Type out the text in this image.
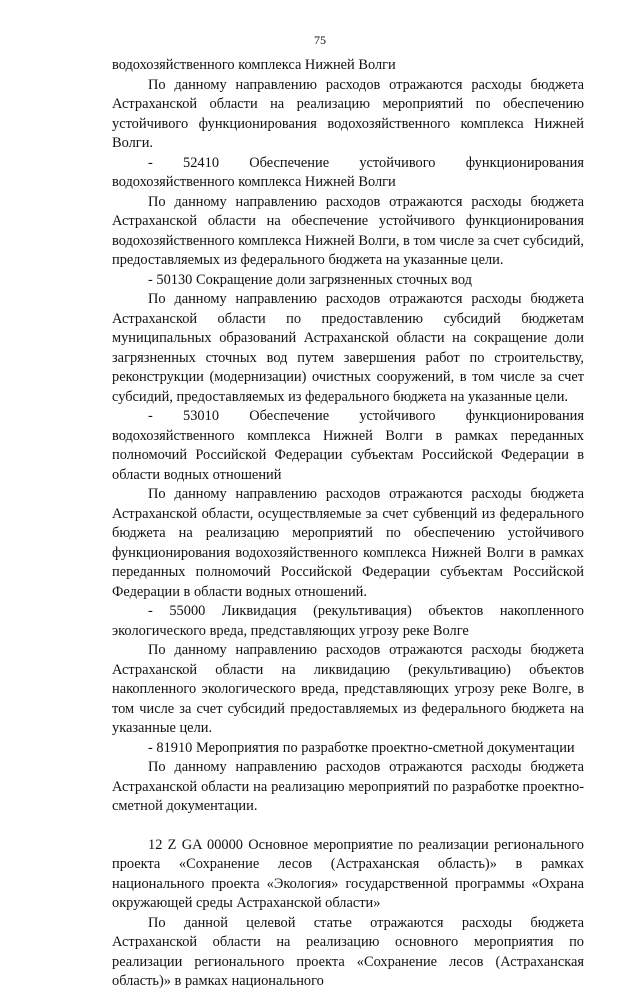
75

водохозяйственного комплекса Нижней Волги

По данному направлению расходов отражаются расходы бюджета Астраханской области на реализацию мероприятий по обеспечению устойчивого функционирования водохозяйственного комплекса Нижней Волги.

- 52410 Обеспечение устойчивого функционирования водохозяйственного комплекса Нижней Волги

По данному направлению расходов отражаются расходы бюджета Астраханской области на обеспечение устойчивого функционирования водохозяйственного комплекса Нижней Волги, в том числе за счет субсидий, предоставляемых из федерального бюджета на указанные цели.

- 50130 Сокращение доли загрязненных сточных вод

По данному направлению расходов отражаются расходы бюджета Астраханской области по предоставлению субсидий бюджетам муниципальных образований Астраханской области на сокращение доли загрязненных сточных вод путем завершения работ по строительству, реконструкции (модернизации) очистных сооружений, в том числе за счет субсидий, предоставляемых из федерального бюджета на указанные цели.

- 53010 Обеспечение устойчивого функционирования водохозяйственного комплекса Нижней Волги в рамках переданных полномочий Российской Федерации субъектам Российской Федерации в области водных отношений

По данному направлению расходов отражаются расходы бюджета Астраханской области, осуществляемые за счет субвенций из федерального бюджета на реализацию мероприятий по обеспечению устойчивого функционирования водохозяйственного комплекса Нижней Волги в рамках переданных полномочий Российской Федерации субъектам Российской Федерации в области водных отношений.

- 55000 Ликвидация (рекультивация) объектов накопленного экологического вреда, представляющих угрозу реке Волге

По данному направлению расходов отражаются расходы бюджета Астраханской области на ликвидацию (рекультивацию) объектов накопленного экологического вреда, представляющих угрозу реке Волге, в том числе за счет субсидий предоставляемых из федерального бюджета на указанные цели.

- 81910 Мероприятия по разработке проектно-сметной документации

По данному направлению расходов отражаются расходы бюджета Астраханской области на реализацию мероприятий по разработке проектно-сметной документации.

12 Z GA 00000 Основное мероприятие по реализации регионального проекта «Сохранение лесов (Астраханская область)» в рамках национального проекта «Экология» государственной программы «Охрана окружающей среды Астраханской области»

По данной целевой статье отражаются расходы бюджета Астраханской области на реализацию основного мероприятия по реализации регионального проекта «Сохранение лесов (Астраханская область)» в рамках национального
